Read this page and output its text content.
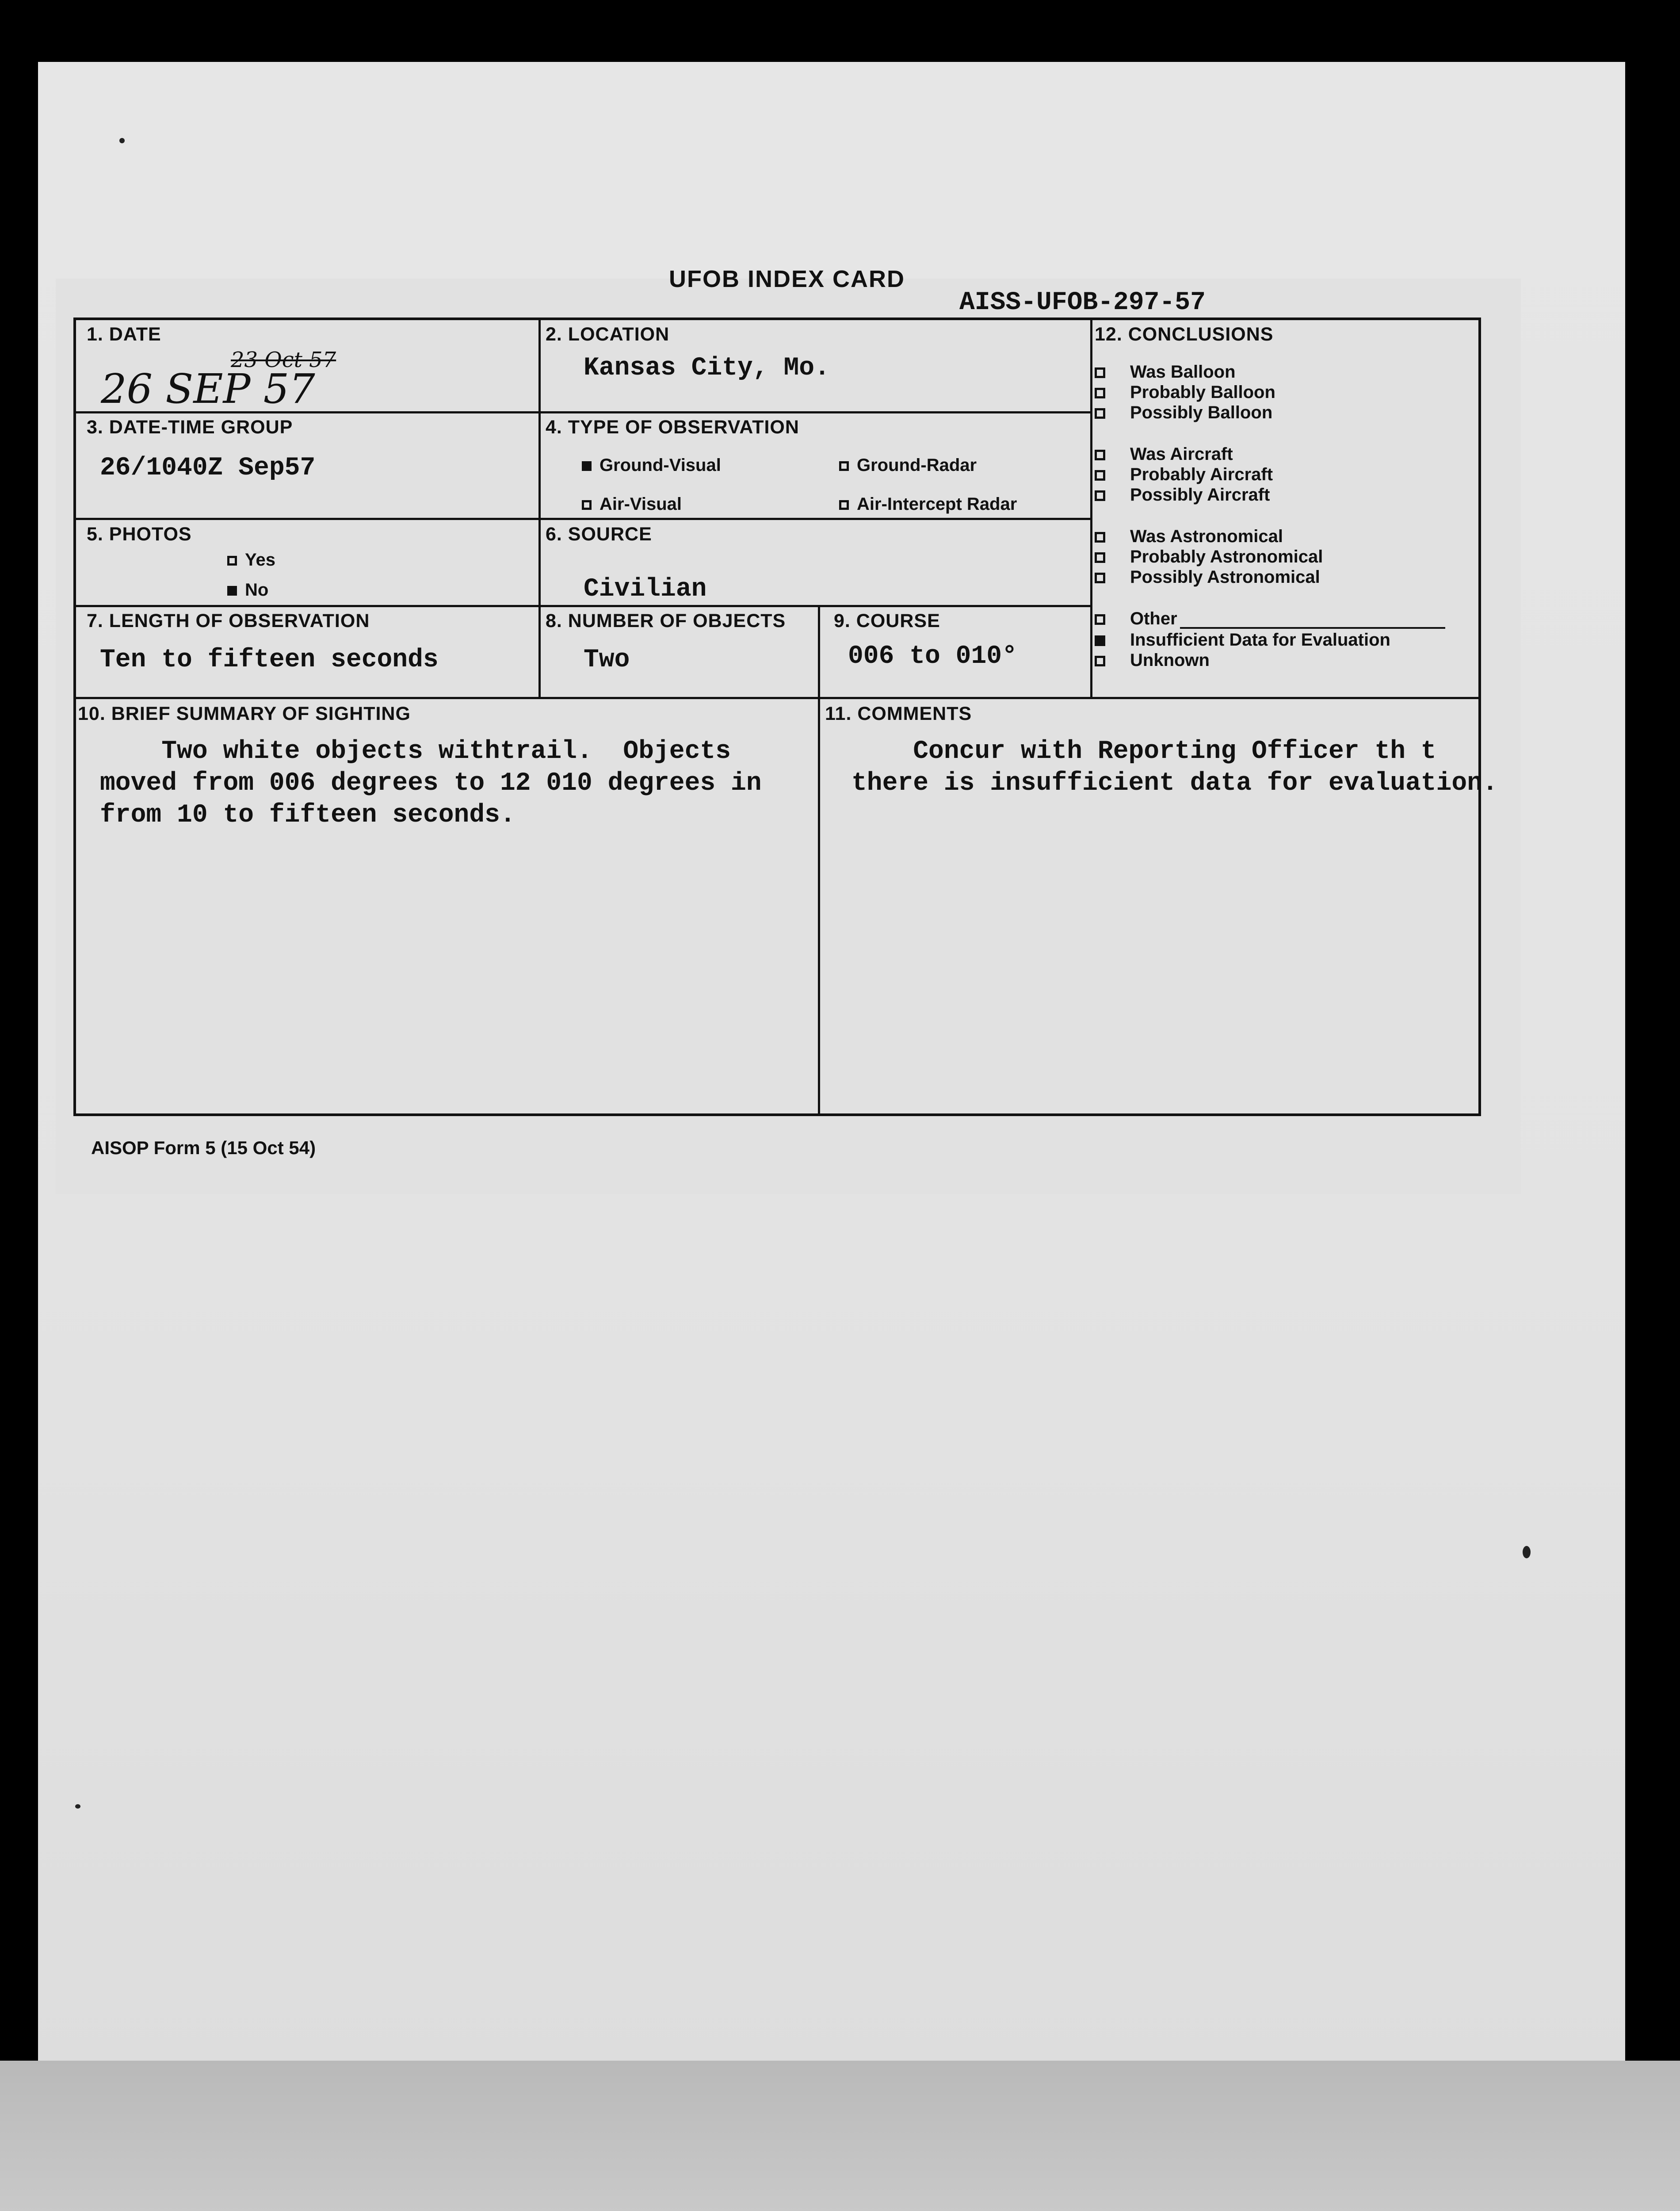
UFOB INDEX CARD
AISS-UFOB-297-57
1. DATE
23 Oct 57
26 SEP 57
2. LOCATION
Kansas City, Mo.
3. DATE-TIME GROUP
26/1040Z Sep57
4. TYPE OF OBSERVATION
Ground-Visual	Ground-Radar
Air-Visual	Air-Intercept Radar
5. PHOTOS
Yes
No
6. SOURCE
Civilian
7. LENGTH OF OBSERVATION
Ten to fifteen seconds
8. NUMBER OF OBJECTS
Two
9. COURSE
006 to 010°
10. BRIEF SUMMARY OF SIGHTING
Two white objects withtrail.  Objects
moved from 006 degrees to 12 010 degrees in
from 10 to fifteen seconds.
11. COMMENTS
Concur with Reporting Officer th t
there is insufficient data for evaluation.
12. CONCLUSIONS
Was Balloon
Probably Balloon
Possibly Balloon
Was Aircraft
Probably Aircraft
Possibly Aircraft
Was Astronomical
Probably Astronomical
Possibly Astronomical
Other
Insufficient Data for Evaluation
Unknown
AISOP Form 5 (15 Oct 54)
